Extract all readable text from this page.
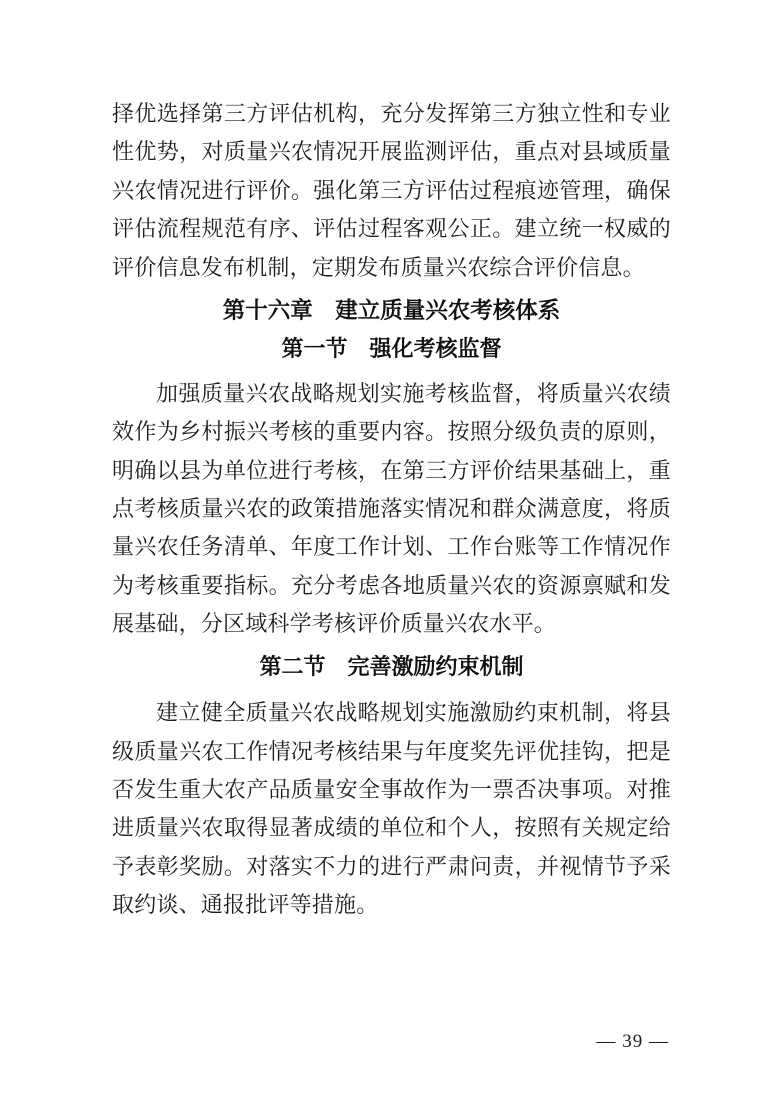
择优选择第三方评估机构，充分发挥第三方独立性和专业性优势，对质量兴农情况开展监测评估，重点对县域质量兴农情况进行评价。强化第三方评估过程痕迹管理，确保评估流程规范有序、评估过程客观公正。建立统一权威的评价信息发布机制，定期发布质量兴农综合评价信息。

第十六章　建立质量兴农考核体系
第一节　强化考核监督

加强质量兴农战略规划实施考核监督，将质量兴农绩效作为乡村振兴考核的重要内容。按照分级负责的原则，明确以县为单位进行考核，在第三方评价结果基础上，重点考核质量兴农的政策措施落实情况和群众满意度，将质量兴农任务清单、年度工作计划、工作台账等工作情况作为考核重要指标。充分考虑各地质量兴农的资源禀赋和发展基础，分区域科学考核评价质量兴农水平。

第二节　完善激励约束机制

建立健全质量兴农战略规划实施激励约束机制，将县级质量兴农工作情况考核结果与年度奖先评优挂钩，把是否发生重大农产品质量安全事故作为一票否决事项。对推进质量兴农取得显著成绩的单位和个人，按照有关规定给予表彰奖励。对落实不力的进行严肃问责，并视情节予采取约谈、通报批评等措施。

— 39 —
